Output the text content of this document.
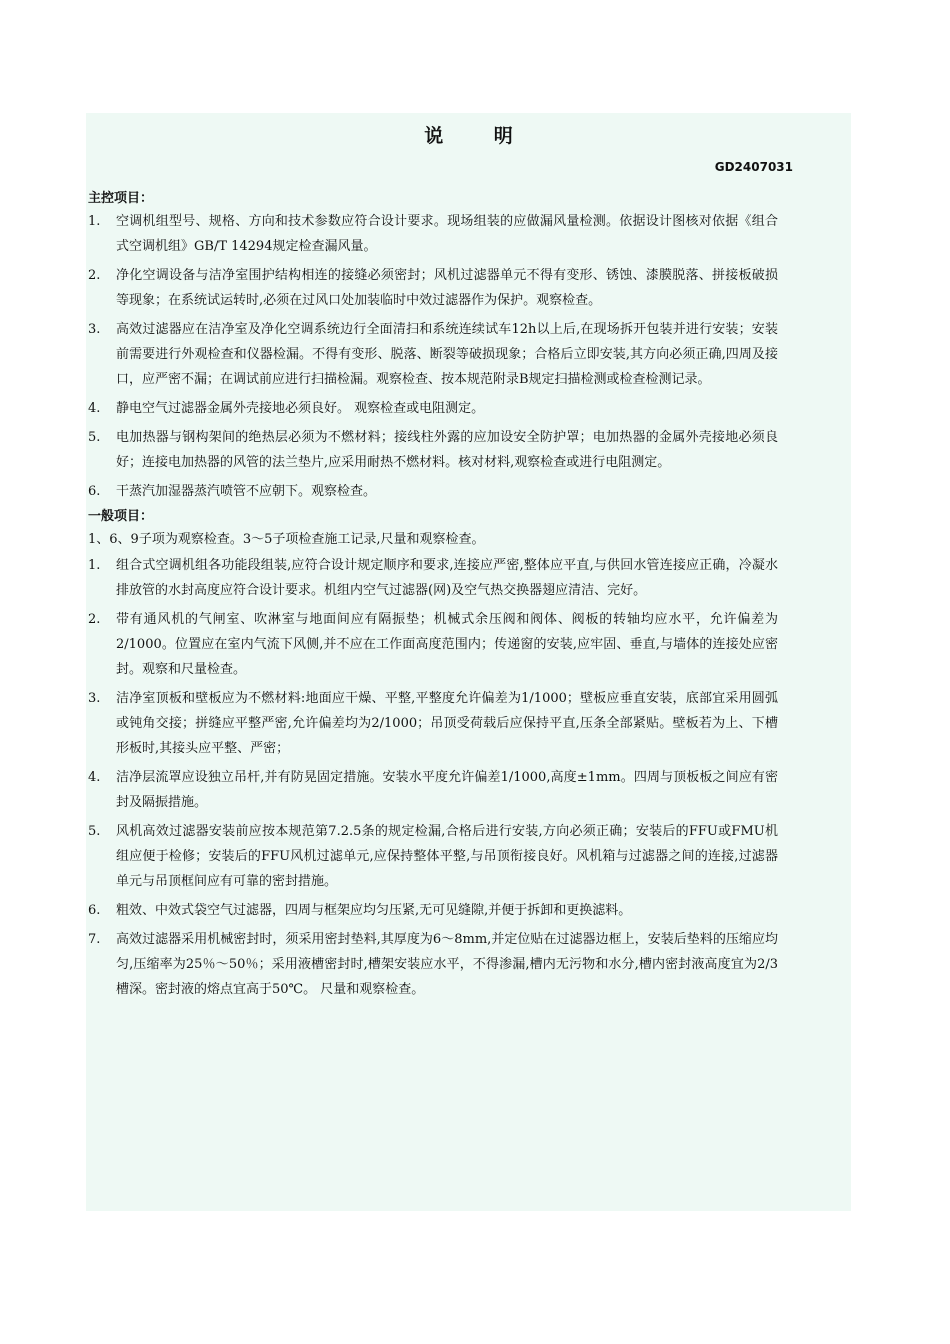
说 明
GD2407031
主控项目：
1.	空调机组型号、规格、方向和技术参数应符合设计要求。现场组装的应做漏风量检测。依据设计图核对依据《组合式空调机组》GB/T 14294规定检查漏风量。
2.	净化空调设备与洁净室围护结构相连的接缝必须密封；风机过滤器单元不得有变形、锈蚀、漆膜脱落、拼接板破损等现象；在系统试运转时,必须在过风口处加装临时中效过滤器作为保护。观察检查。
3.	高效过滤器应在洁净室及净化空调系统边行全面清扫和系统连续试车12h以上后,在现场拆开包装并进行安装；安装前需要进行外观检查和仪器检漏。不得有变形、脱落、断裂等破损现象；合格后立即安装,其方向必须正确,四周及接口，应严密不漏；在调试前应进行扫描检漏。观察检查、按本规范附录B规定扫描检测或检查检测记录。
4.	静电空气过滤器金属外壳接地必须良好。 观察检查或电阻测定。
5.	电加热器与钢构架间的绝热层必须为不燃材料；接线柱外露的应加设安全防护罩；电加热器的金属外壳接地必须良好；连接电加热器的风管的法兰垫片,应采用耐热不燃材料。核对材料,观察检查或进行电阻测定。
6.	干蒸汽加湿器蒸汽喷管不应朝下。观察检查。
一般项目：
1、6、9子项为观察检查。3～5子项检查施工记录,尺量和观察检查。
1.	组合式空调机组各功能段组装,应符合设计规定顺序和要求,连接应严密,整体应平直,与供回水管连接应正确，冷凝水排放管的水封高度应符合设计要求。机组内空气过滤器(网)及空气热交换器翅应清洁、完好。
2.	带有通风机的气闸室、吹淋室与地面间应有隔振垫；机械式余压阀和阀体、阀板的转轴均应水平，允许偏差为2/1000。位置应在室内气流下风侧,并不应在工作面高度范围内；传递窗的安装,应牢固、垂直,与墙体的连接处应密封。观察和尺量检查。
3.	洁净室顶板和壁板应为不燃材料:地面应干燥、平整,平整度允许偏差为1/1000；壁板应垂直安装，底部宜采用圆弧或钝角交接；拼缝应平整严密,允许偏差均为2/1000；吊顶受荷载后应保持平直,压条全部紧贴。壁板若为上、下槽形板时,其接头应平整、严密；
4.	洁净层流罩应设独立吊杆,并有防晃固定措施。安装水平度允许偏差1/1000,高度±1mm。四周与顶板板之间应有密封及隔振措施。
5.	风机高效过滤器安装前应按本规范第7.2.5条的规定检漏,合格后进行安装,方向必须正确；安装后的FFU或FMU机组应便于检修；安装后的FFU风机过滤单元,应保持整体平整,与吊顶衔接良好。风机箱与过滤器之间的连接,过滤器单元与吊顶框间应有可靠的密封措施。
6.	粗效、中效式袋空气过滤器，四周与框架应均匀压紧,无可见缝隙,并便于拆卸和更换滤料。
7.	高效过滤器采用机械密封时，须采用密封垫料,其厚度为6～8mm,并定位贴在过滤器边框上，安装后垫料的压缩应均匀,压缩率为25％～50％；采用液槽密封时,槽架安装应水平，不得渗漏,槽内无污物和水分,槽内密封液高度宜为2/3槽深。密封液的熔点宜高于50℃。 尺量和观察检查。
